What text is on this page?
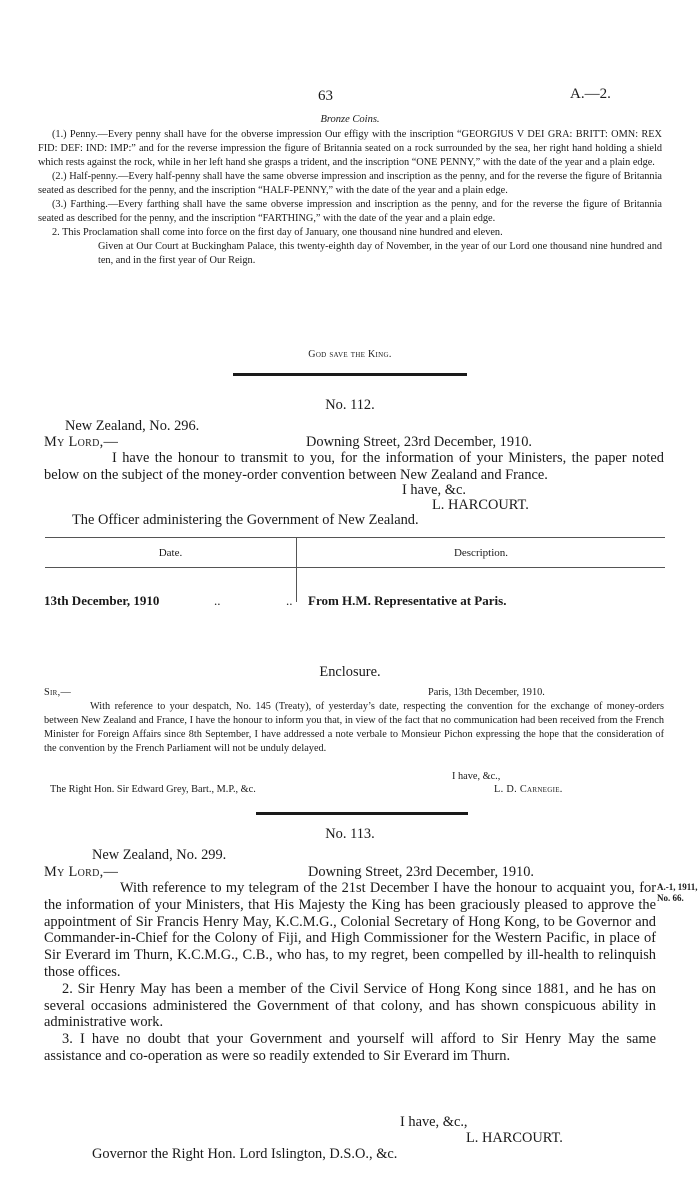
63	A.—2.
Bronze Coins.

(1.) Penny.—Every penny shall have for the obverse impression Our effigy with the inscription “GEORGIUS V DEI GRA: BRITT: OMN: REX FID: DEF: IND: IMP:” and for the reverse impression the figure of Britannia seated on a rock surrounded by the sea, her right hand holding a shield which rests against the rock, while in her left hand she grasps a trident, and the inscription “ONE PENNY,” with the date of the year and a plain edge.

(2.) Half-penny.—Every half-penny shall have the same obverse impression and inscription as the penny, and for the reverse the figure of Britannia seated as described for the penny, and the inscription “HALF-PENNY,” with the date of the year and a plain edge.

(3.) Farthing.—Every farthing shall have the same obverse impression and inscription as the penny, and for the reverse the figure of Britannia seated as described for the penny, and the inscription “FARTHING,” with the date of the year and a plain edge.

2. This Proclamation shall come into force on the first day of January, one thousand nine hundred and eleven.

Given at Our Court at Buckingham Palace, this twenty-eighth day of November, in the year of our Lord one thousand nine hundred and ten, and in the first year of Our Reign.

God save the King.
No. 112.
New Zealand, No. 296.
My Lord,—	Downing Street, 23rd December, 1910.
I have the honour to transmit to you, for the information of your Ministers, the paper noted below on the subject of the money-order convention between New Zealand and France.
I have, &c.
L. HARCOURT.
The Officer administering the Government of New Zealand.
Date.	Description.
13th December, 1910	..	.. From H.M. Representative at Paris.
Enclosure.
Sir,—	Paris, 13th December, 1910.
With reference to your despatch, No. 145 (Treaty), of yesterday’s date, respecting the convention for the exchange of money-orders between New Zealand and France, I have the honour to inform you that, in view of the fact that no communication had been received from the French Minister for Foreign Affairs since 8th September, I have addressed a note verbale to Monsieur Pichon expressing the hope that the consideration of the convention by the French Parliament will not be unduly delayed.
I have, &c.,
The Right Hon. Sir Edward Grey, Bart., M.P., &c.	L. D. Carnegie.
No. 113.
New Zealand, No. 299.
My Lord,—	Downing Street, 23rd December, 1910.

With reference to my telegram of the 21st December I have the honour to acquaint you, for the information of your Ministers, that His Majesty the King has been graciously pleased to approve the appointment of Sir Francis Henry May, K.C.M.G., Colonial Secretary of Hong Kong, to be Governor and Commander-in-Chief for the Colony of Fiji, and High Commissioner for the Western Pacific, in place of Sir Everard im Thurn, K.C.M.G., C.B., who has, to my regret, been compelled by ill-health to relinquish those offices.

2. Sir Henry May has been a member of the Civil Service of Hong Kong since 1881, and he has on several occasions administered the Government of that colony, and has shown conspicuous ability in administrative work.

3. I have no doubt that your Government and yourself will afford to Sir Henry May the same assistance and co-operation as were so readily extended to Sir Everard im Thurn.

A.-1, 1911,
No. 66.
I have, &c.,
L. HARCOURT.
Governor the Right Hon. Lord Islington, D.S.O., &c.
